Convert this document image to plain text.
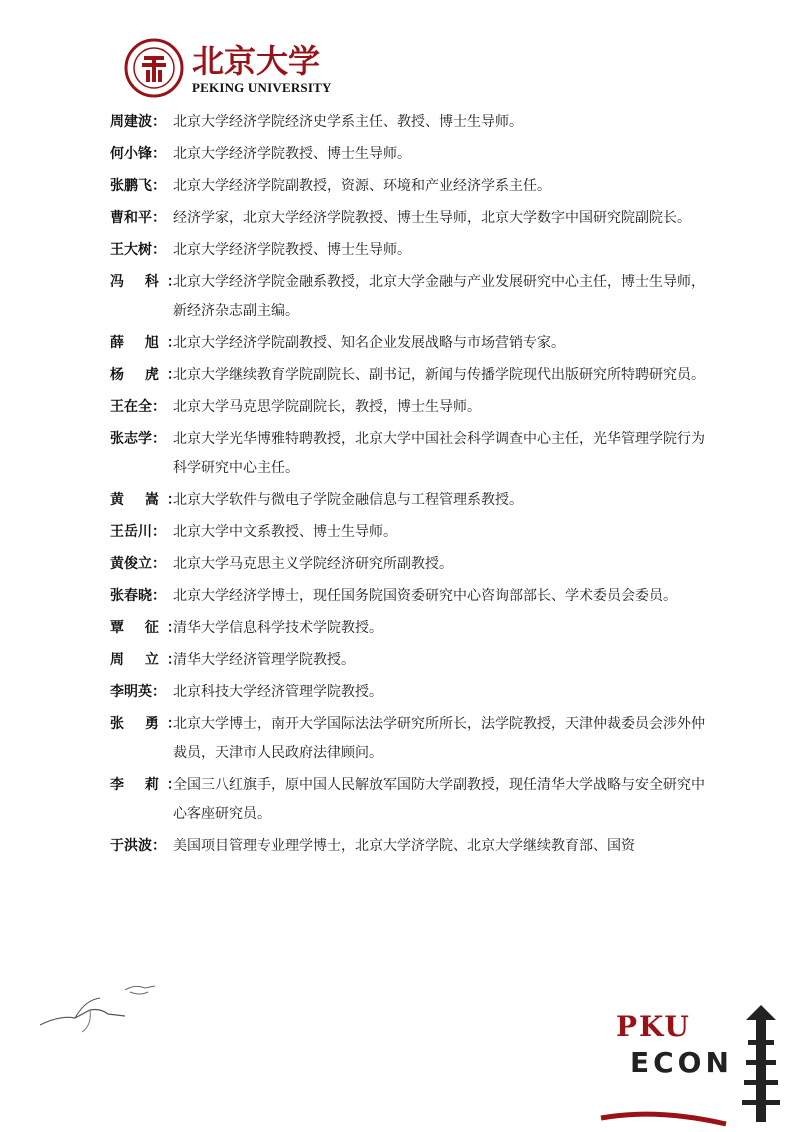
北京大学
PEKING UNIVERSITY
周建波： 北京大学经济学院经济史学系主任、教授、博士生导师。
何小锋： 北京大学经济学院教授、博士生导师。
张鹏飞： 北京大学经济学院副教授，资源、环境和产业经济学系主任。
曹和平： 经济学家，北京大学经济学院教授、博士生导师，北京大学数字中国研究院副院长。
王大树： 北京大学经济学院教授、博士生导师。
冯 科：北京大学经济学院金融系教授，北京大学金融与产业发展研究中心主任，博士生导师，新经济杂志副主编。
薛 旭：北京大学经济学院副教授、知名企业发展战略与市场营销专家。
杨 虎：北京大学继续教育学院副院长、副书记，新闻与传播学院现代出版研究所特聘研究员。
王在全： 北京大学马克思学院副院长，教授，博士生导师。
张志学： 北京大学光华博雅特聘教授，北京大学中国社会科学调查中心主任，光华管理学院行为科学研究中心主任。
黄 嵩：北京大学软件与微电子学院金融信息与工程管理系教授。
王岳川： 北京大学中文系教授、博士生导师。
黄俊立： 北京大学马克思主义学院经济研究所副教授。
张春晓： 北京大学经济学博士，现任国务院国资委研究中心咨询部部长、学术委员会委员。
覃 征：清华大学信息科学技术学院教授。
周 立：清华大学经济管理学院教授。
李明英： 北京科技大学经济管理学院教授。
张 勇：北京大学博士，南开大学国际法法学研究所所长，法学院教授，天津仲裁委员会涉外仲裁员，天津市人民政府法律顾问。
李 莉：全国三八红旗手，原中国人民解放军国防大学副教授，现任清华大学战略与安全研究中心客座研究员。
于洪波： 美国项目管理专业理学博士，北京大学济学院、北京大学继续教育部、国资
PKU
ECON
